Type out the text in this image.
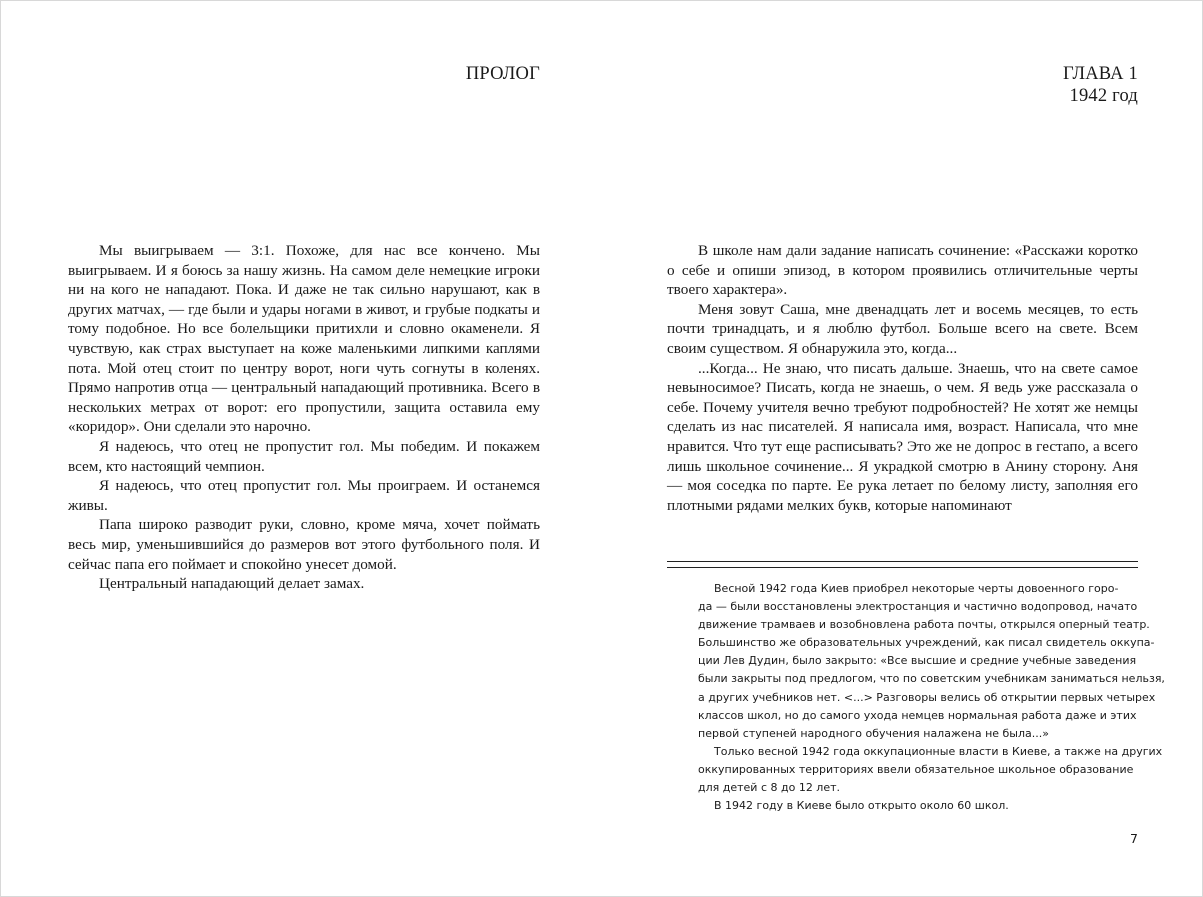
ПРОЛОГ

Мы выигрываем — 3:1. Похоже, для нас все кончено. Мы выигрываем. И я боюсь за нашу жизнь. На самом деле немецкие игроки ни на кого не нападают. Пока. И даже не так сильно нарушают, как в других матчах, — где были и удары ногами в живот, и грубые подкаты и тому подобное. Но все болельщики притихли и словно окаменели. Я чувствую, как страх выступает на коже маленькими липкими каплями пота. Мой отец стоит по центру ворот, ноги чуть согнуты в коленях. Прямо напротив отца — центральный нападающий противника. Всего в нескольких метрах от ворот: его пропустили, защита оставила ему «коридор». Они сделали это нарочно.

Я надеюсь, что отец не пропустит гол. Мы победим. И покажем всем, кто настоящий чемпион.

Я надеюсь, что отец пропустит гол. Мы проиграем. И останемся живы.

Папа широко разводит руки, словно, кроме мяча, хочет поймать весь мир, уменьшившийся до размеров вот этого футбольного поля. И сейчас папа его поймает и спокойно унесет домой.

Центральный нападающий делает замах.

ГЛАВА 1
1942 год

В школе нам дали задание написать сочинение: «Расскажи коротко о себе и опиши эпизод, в котором проявились отличительные черты твоего характера».

Меня зовут Саша, мне двенадцать лет и восемь месяцев, то есть почти тринадцать, и я люблю футбол. Больше всего на свете. Всем своим существом. Я обнаружила это, когда...

...Когда... Не знаю, что писать дальше. Знаешь, что на свете самое невыносимое? Писать, когда не знаешь, о чем. Я ведь уже рассказала о себе. Почему учителя вечно требуют подробностей? Не хотят же немцы сделать из нас писателей. Я написала имя, возраст. Написала, что мне нравится. Что тут еще расписывать? Это же не допрос в гестапо, а всего лишь школьное сочинение... Я украдкой смотрю в Анину сторону. Аня — моя соседка по парте. Ее рука летает по белому листу, заполняя его плотными рядами мелких букв, которые напоминают

Весной 1942 года Киев приобрел некоторые черты довоенного горо-
да — были восстановлены электростанция и частично водопровод, начато
движение трамваев и возобновлена работа почты, открылся оперный театр.
Большинство же образовательных учреждений, как писал свидетель оккупа-
ции Лев Дудин, было закрыто: «Все высшие и средние учебные заведения
были закрыты под предлогом, что по советским учебникам заниматься нельзя,
а других учебников нет. <...> Разговоры велись об открытии первых четырех
классов школ, но до самого ухода немцев нормальная работа даже и этих
первой ступеней народного обучения налажена не была...»

Только весной 1942 года оккупационные власти в Киеве, а также на других
оккупированных территориях ввели обязательное школьное образование
для детей с 8 до 12 лет.

В 1942 году в Киеве было открыто около 60 школ.

7
